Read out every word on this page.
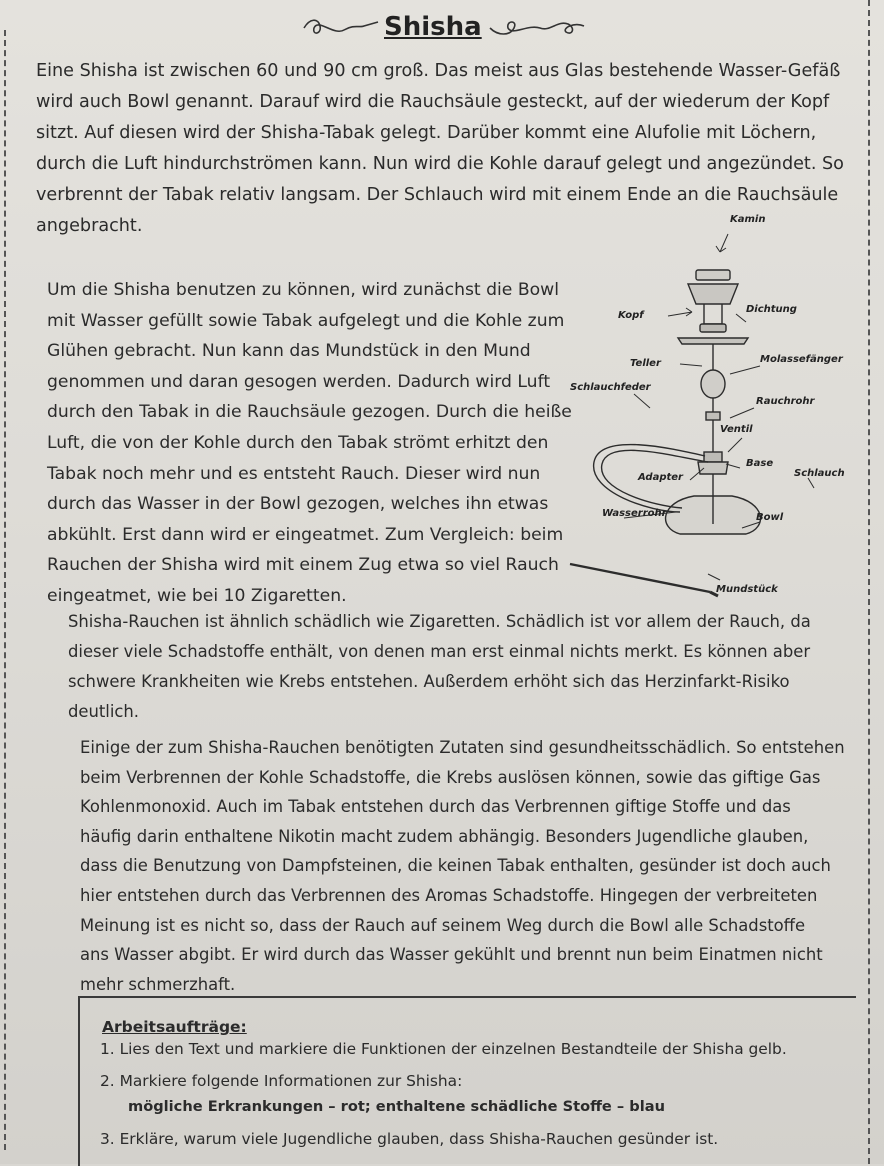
Shisha

Eine Shisha ist zwischen 60 und 90 cm groß. Das meist aus Glas bestehende Wasser-Gefäß
wird auch Bowl genannt. Darauf wird die Rauchsäule gesteckt, auf der wiederum der Kopf
sitzt. Auf diesen wird der Shisha-Tabak gelegt. Darüber kommt eine Alufolie mit Löchern,
durch die Luft hindurchströmen kann. Nun wird die Kohle darauf gelegt und angezündet. So
verbrennt der Tabak relativ langsam. Der Schlauch wird mit einem Ende an die Rauchsäule
angebracht.

Um die Shisha benutzen zu können, wird zunächst die Bowl
mit Wasser gefüllt sowie Tabak aufgelegt und die Kohle zum
Glühen gebracht. Nun kann das Mundstück in den Mund
genommen und daran gesogen werden. Dadurch wird Luft
durch den Tabak in die Rauchsäule gezogen. Durch die heiße
Luft, die von der Kohle durch den Tabak strömt erhitzt den
Tabak noch mehr und es entsteht Rauch. Dieser wird nun
durch das Wasser in der Bowl gezogen, welches ihn etwas
abkühlt. Erst dann wird er eingeatmet. Zum Vergleich: beim
Rauchen der Shisha wird mit einem Zug etwa so viel Rauch
eingeatmet, wie bei 10 Zigaretten.

Kamin
Kopf
Dichtung
Teller	Molassefänger
Schlauchfeder
Rauchrohr
Ventil
Base
Adapter	Schlauch
Wasserrohr	Bowl
Mundstück

Shisha-Rauchen ist ähnlich schädlich wie Zigaretten. Schädlich ist vor allem der Rauch, da
dieser viele Schadstoffe enthält, von denen man erst einmal nichts merkt. Es können aber
schwere Krankheiten wie Krebs entstehen. Außerdem erhöht sich das Herzinfarkt-Risiko
deutlich.

Einige der zum Shisha-Rauchen benötigten Zutaten sind gesundheitsschädlich. So entstehen
beim Verbrennen der Kohle Schadstoffe, die Krebs auslösen können, sowie das giftige Gas
Kohlenmonoxid. Auch im Tabak entstehen durch das Verbrennen giftige Stoffe und das
häufig darin enthaltene Nikotin macht zudem abhängig. Besonders Jugendliche glauben,
dass die Benutzung von Dampfsteinen, die keinen Tabak enthalten, gesünder ist doch auch
hier entstehen durch das Verbrennen des Aromas Schadstoffe. Hingegen der verbreiteten
Meinung ist es nicht so, dass der Rauch auf seinem Weg durch die Bowl alle Schadstoffe
ans Wasser abgibt. Er wird durch das Wasser gekühlt und brennt nun beim Einatmen nicht
mehr schmerzhaft.

Arbeitsaufträge:
1. Lies den Text und markiere die Funktionen der einzelnen Bestandteile der Shisha gelb.
2. Markiere folgende Informationen zur Shisha:
mögliche Erkrankungen – rot; enthaltene schädliche Stoffe – blau
3. Erkläre, warum viele Jugendliche glauben, dass Shisha-Rauchen gesünder ist.
